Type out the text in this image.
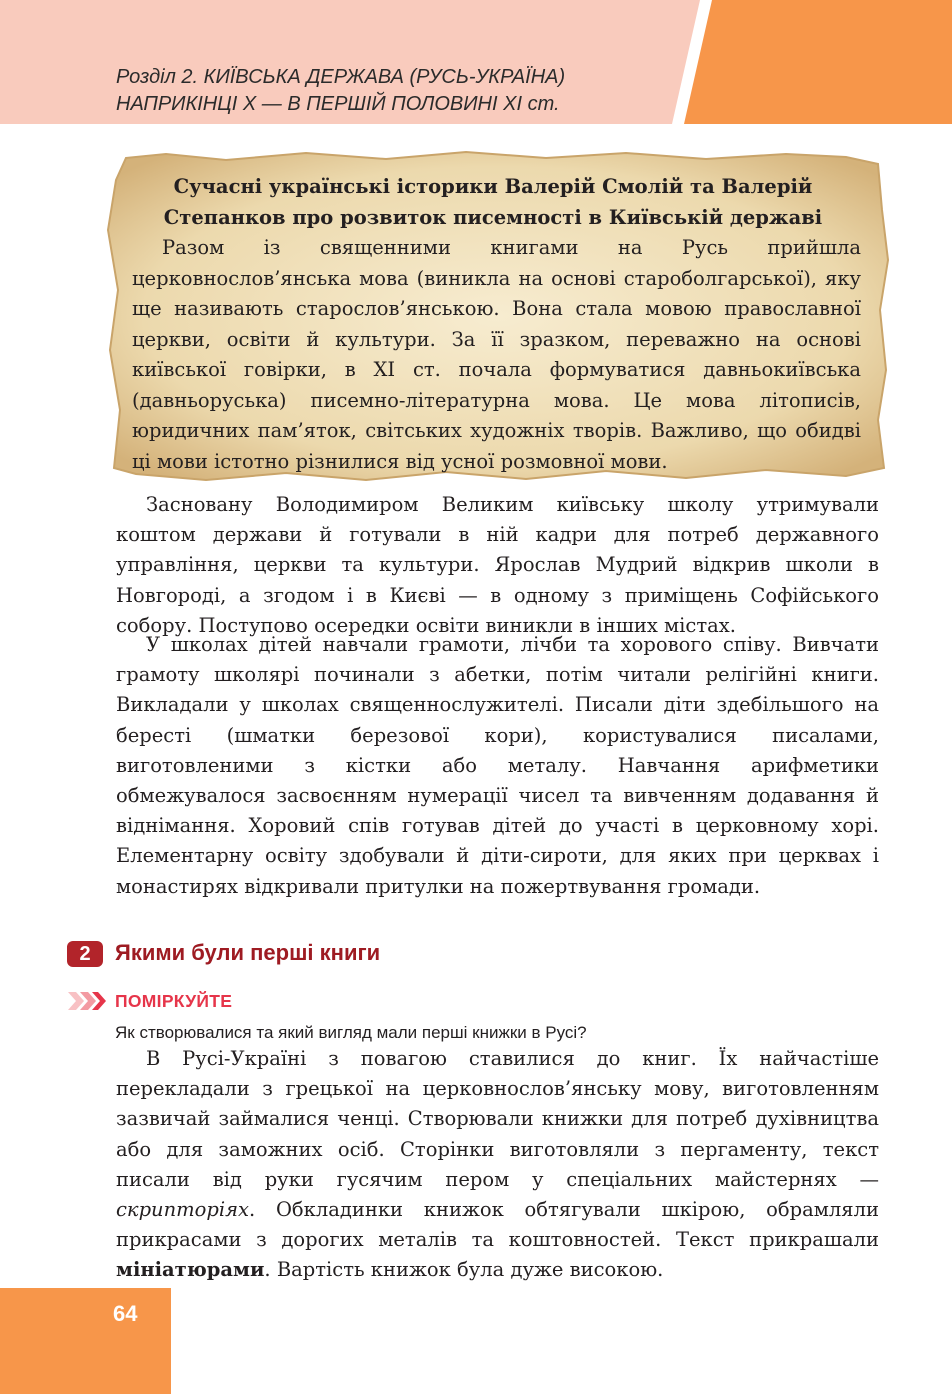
Розділ 2. КИЇВСЬКА ДЕРЖАВА (РУСЬ-УКРАЇНА)
НАПРИКІНЦІ Х — В ПЕРШІЙ ПОЛОВИНІ ХІ ст.
Сучасні українські історики Валерій Смолій та Валерій
Степанков про розвиток писемності в Київській державі
Разом із священними книгами на Русь прийшла церковнослов’янська мова (виникла на основі староболгарської), яку ще називають старослов’янською. Вона стала мовою православної церкви, освіти й культури. За її зразком, переважно на основі київської говірки, в ХІ ст. почала формуватися давньокиївська (давньоруська) писемно-літературна мова. Це мова літописів, юридичних пам’яток, світських художніх творів. Важливо, що обидві ці мови істотно різнилися від усної розмовної мови.
Засновану Володимиром Великим київську школу утримували коштом держави й готували в ній кадри для потреб державного управління, церкви та культури. Ярослав Мудрий відкрив школи в Новгороді, а згодом і в Києві — в одному з приміщень Софійського собору. Поступово осередки освіти виникли в інших містах.
У школах дітей навчали грамоти, лічби та хорового співу. Вивчати грамоту школярі починали з абетки, потім читали релігійні книги. Викладали у школах священнослужителі. Писали діти здебільшого на бересті (шматки березової кори), користувалися писалами, виготовленими з кістки або металу. Навчання арифметики обмежувалося засвоєнням нумерації чисел та вивченням додавання й віднімання. Хоровий спів готував дітей до участі в церковному хорі. Елементарну освіту здобували й діти-сироти, для яких при церквах і монастирях відкривали притулки на пожертвування громади.
2	Якими були перші книги
ПОМІРКУЙТЕ
Як створювалися та який вигляд мали перші книжки в Русі?
В Русі-Україні з повагою ставилися до книг. Їх найчастіше перекладали з грецької на церковнослов’янську мову, виготовленням зазвичай займалися ченці. Створювали книжки для потреб духівництва або для заможних осіб. Сторінки виготовляли з пергаменту, текст писали від руки гусячим пером у спеціальних майстернях — скрипторіях. Обкладинки книжок обтягували шкірою, обрамляли прикрасами з дорогих металів та коштовностей. Текст прикрашали мініатюрами. Вартість книжок була дуже високою.
64
